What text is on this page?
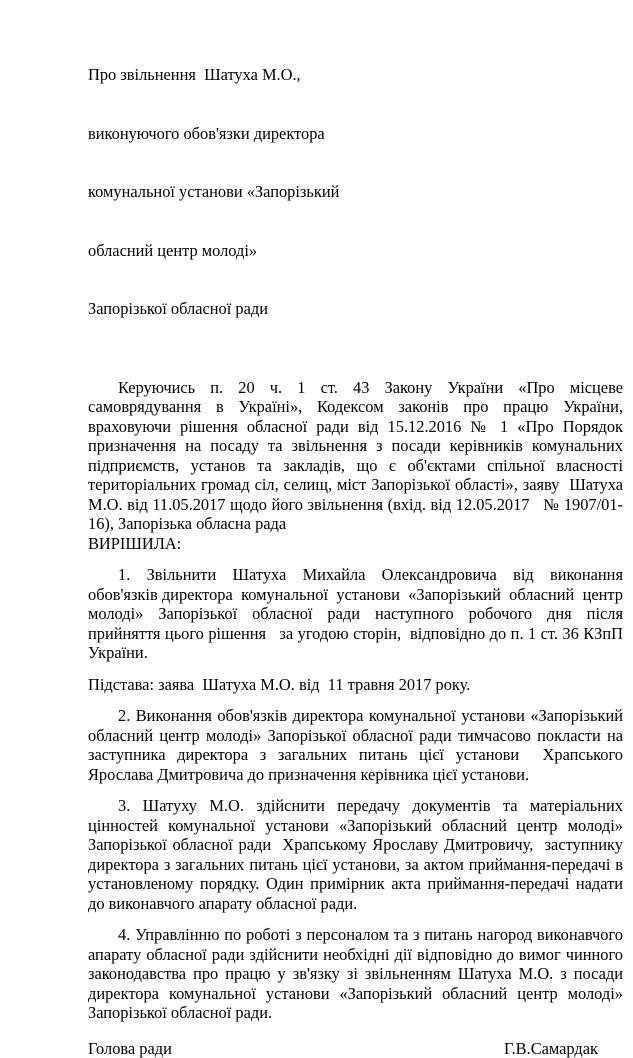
Про звільнення  Шатуха М.О.,

виконуючого обов'язки директора

комунальної установи «Запорізький

обласний центр молоді»

Запорізької обласної ради

Керуючись п. 20 ч. 1 ст. 43 Закону України «Про місцеве самоврядування в Україні», Кодексом законів про працю України, враховуючи рішення обласної ради від 15.12.2016 № 1 «Про Порядок призначення на посаду та звільнення з посади керівників комунальних підприємств, установ та закладів, що є об'єктами спільної власності територіальних громад сіл, селищ, міст Запорізької області», заяву  Шатуха М.О. від 11.05.2017 щодо його звільнення (вхід. від 12.05.2017   № 1907/01-16), Запорізька обласна рада

ВИРІШИЛА:

1. Звільнити Шатуха Михайла Олександровича від виконання  обов'язків директора  комунальної  установи  «Запорізький  обласний  центр  молоді» Запорізької обласної ради наступного робочого дня після прийняття цього рішення   за угодою сторін,  відповідно до п. 1 ст. 36 КЗпП України.

Підстава: заява  Шатуха М.О. від  11 травня 2017 року.

2. Виконання обов'язків директора комунальної установи «Запорізький обласний центр молоді» Запорізької обласної ради тимчасово покласти на заступника директора з загальних питань цієї установи  Храпського Ярослава Дмитровича до призначення керівника цієї установи.

3. Шатуху М.О. здійснити передачу документів та матеріальних цінностей комунальної установи «Запорізький обласний центр молоді» Запорізької обласної ради  Храпському Ярославу Дмитровичу,  заступнику директора з загальних питань цієї установи, за актом приймання-передачі в установленому порядку. Один примірник акта приймання-передачі надати до виконавчого апарату обласної ради.

4. Управлінню по роботі з персоналом та з питань нагород виконавчого апарату обласної ради здійснити необхідні дії відповідно до вимог чинного законодавства про працю у зв'язку зі звільненням Шатуха М.О. з посади директора комунальної установи «Запорізький обласний центр молоді» Запорізької обласної ради.

Голова ради	Г.В.Самардак
